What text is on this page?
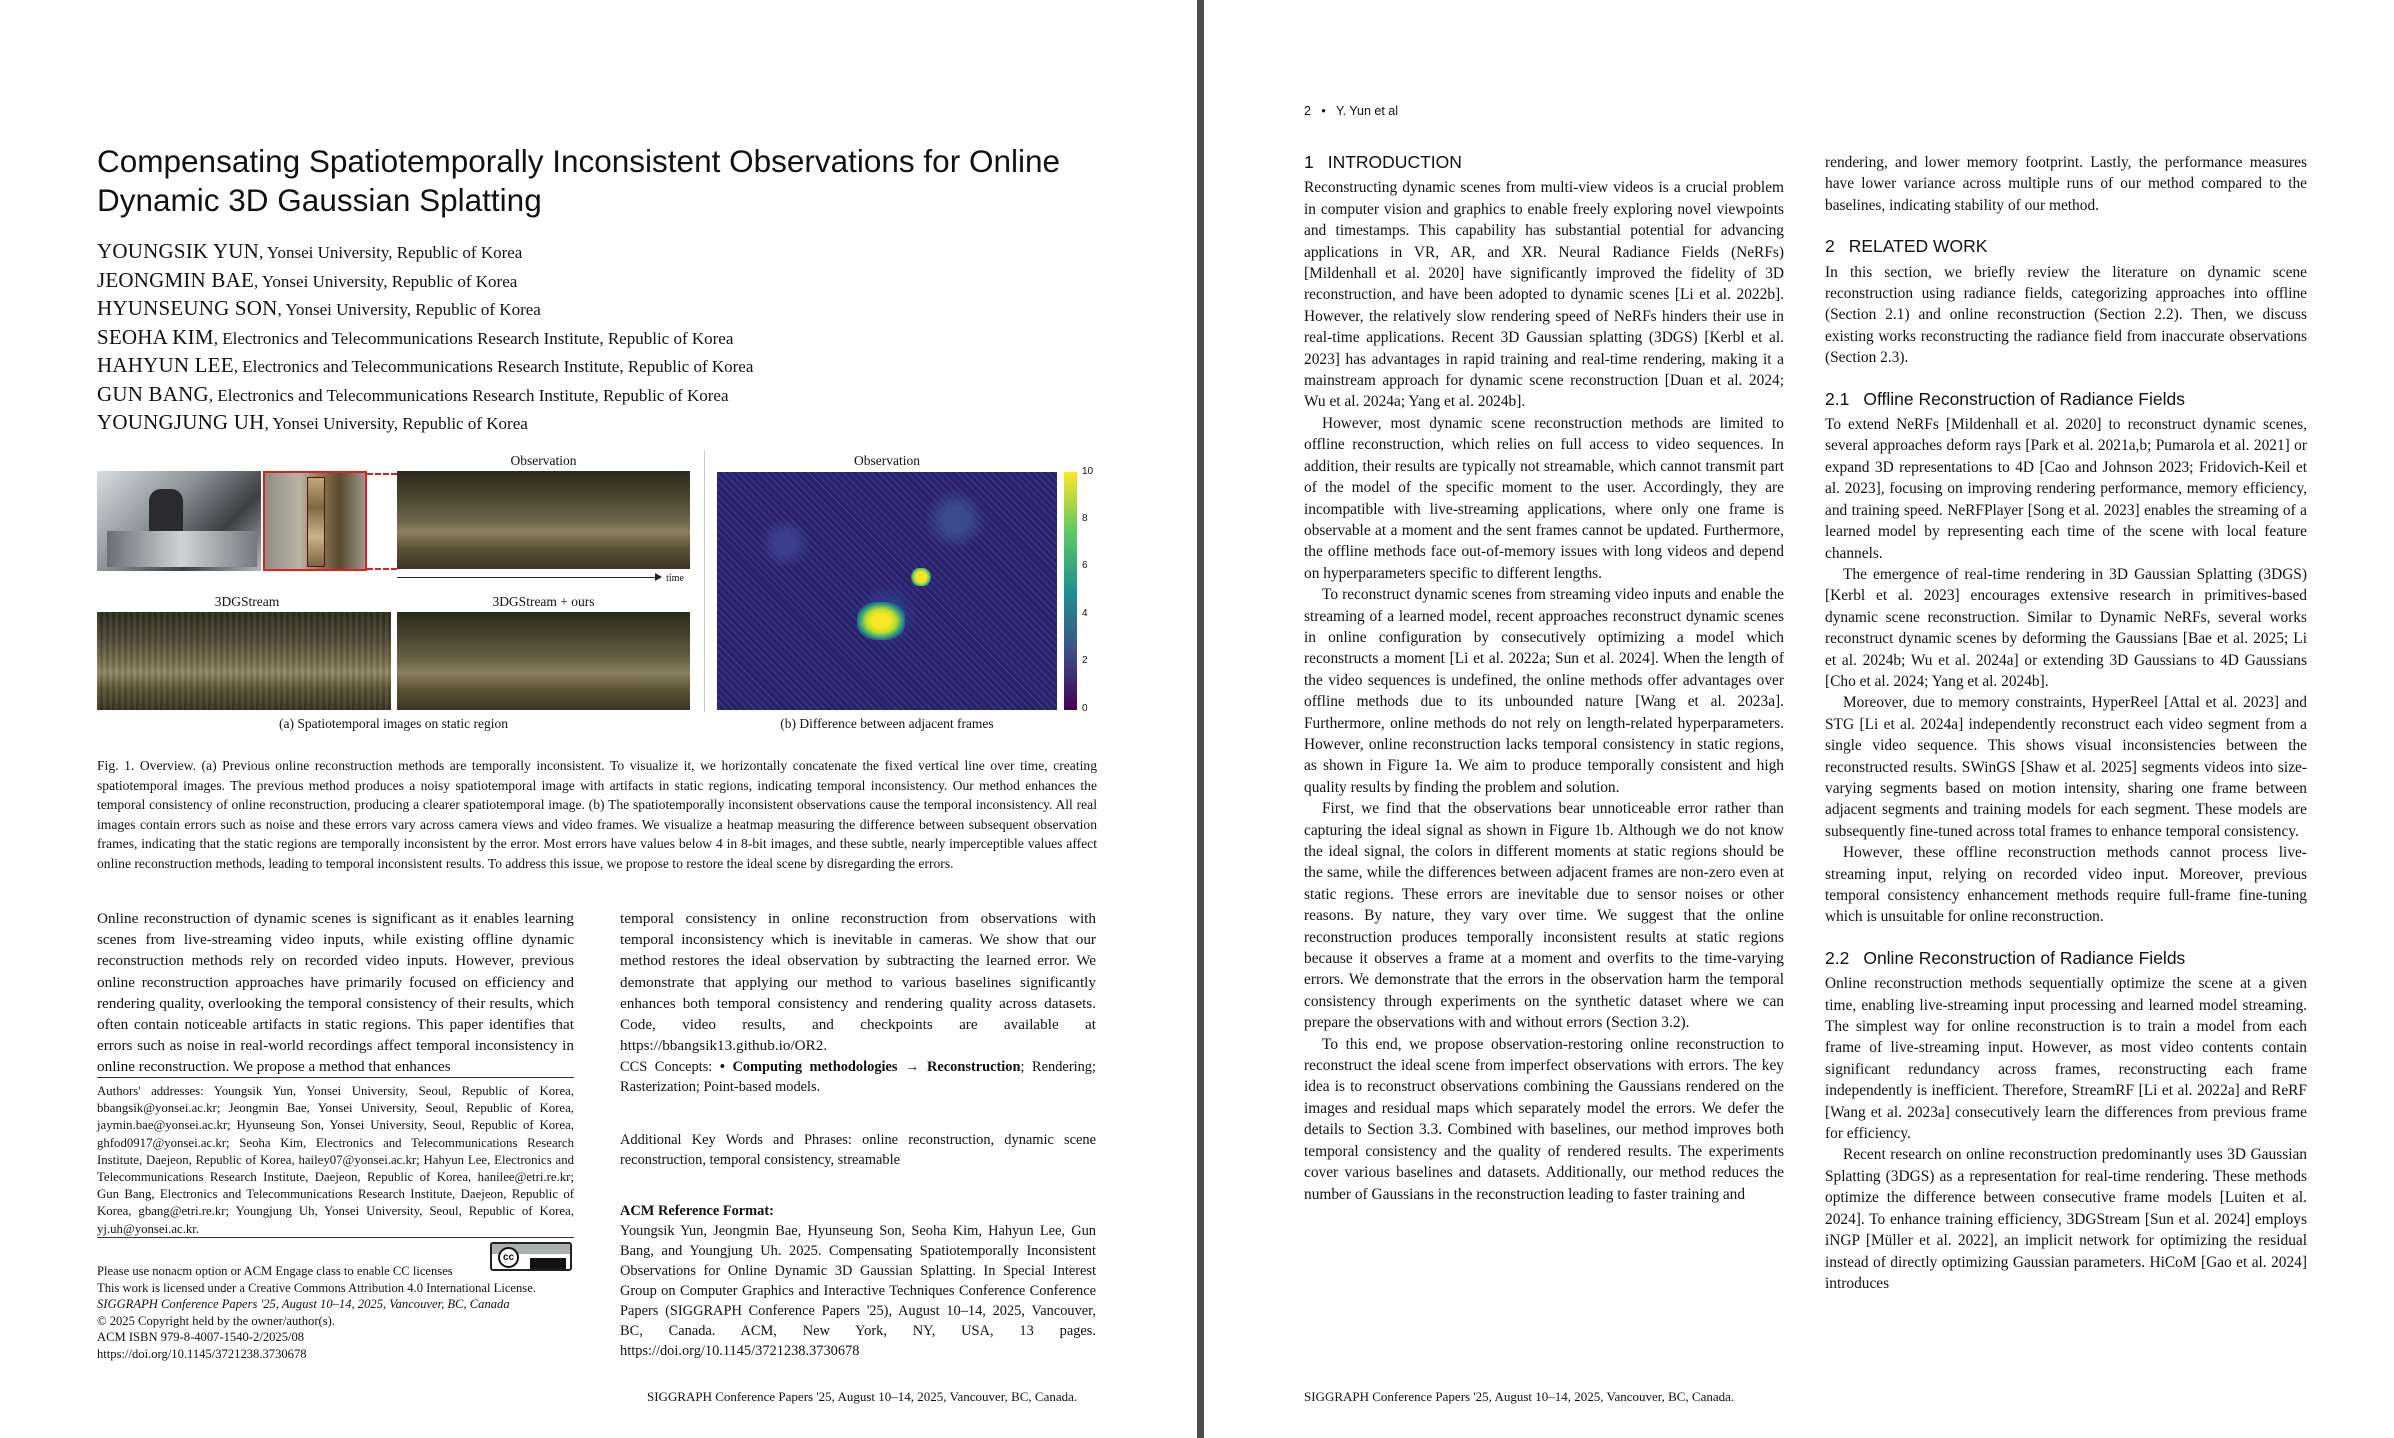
Compensating Spatiotemporally Inconsistent Observations for Online Dynamic 3D Gaussian Splatting
YOUNGSIK YUN, Yonsei University, Republic of Korea
JEONGMIN BAE, Yonsei University, Republic of Korea
HYUNSEUNG SON, Yonsei University, Republic of Korea
SEOHA KIM, Electronics and Telecommunications Research Institute, Republic of Korea
HAHYUN LEE, Electronics and Telecommunications Research Institute, Republic of Korea
GUN BANG, Electronics and Telecommunications Research Institute, Republic of Korea
YOUNGJUNG UH, Yonsei University, Republic of Korea
Observation
time
3DGStream	3DGStream + ours
(a) Spatiotemporal images on static region
Observation
10
8
6
4
2
0
(b) Difference between adjacent frames

Fig. 1. Overview. (a) Previous online reconstruction methods are temporally inconsistent. To visualize it, we horizontally concatenate the fixed vertical line over time, creating spatiotemporal images. The previous method produces a noisy spatiotemporal image with artifacts in static regions, indicating temporal inconsistency. Our method enhances the temporal consistency of online reconstruction, producing a clearer spatiotemporal image. (b) The spatiotemporally inconsistent observations cause the temporal inconsistency. All real images contain errors such as noise and these errors vary across camera views and video frames. We visualize a heatmap measuring the difference between subsequent observation frames, indicating that the static regions are temporally inconsistent by the error. Most errors have values below 4 in 8-bit images, and these subtle, nearly imperceptible values affect online reconstruction methods, leading to temporal inconsistent results. To address this issue, we propose to restore the ideal scene by disregarding the errors.

Online reconstruction of dynamic scenes is significant as it enables learning scenes from live-streaming video inputs, while existing offline dynamic reconstruction methods rely on recorded video inputs. However, previous online reconstruction approaches have primarily focused on efficiency and rendering quality, overlooking the temporal consistency of their results, which often contain noticeable artifacts in static regions. This paper identifies that errors such as noise in real-world recordings affect temporal inconsistency in online reconstruction. We propose a method that enhances

temporal consistency in online reconstruction from observations with temporal inconsistency which is inevitable in cameras. We show that our method restores the ideal observation by subtracting the learned error. We demonstrate that applying our method to various baselines significantly enhances both temporal consistency and rendering quality across datasets. Code, video results, and checkpoints are available at https://bbangsik13.github.io/OR2.

Authors' addresses: Youngsik Yun, Yonsei University, Seoul, Republic of Korea, bbangsik@yonsei.ac.kr; Jeongmin Bae, Yonsei University, Seoul, Republic of Korea, jaymin.bae@yonsei.ac.kr; Hyunseung Son, Yonsei University, Seoul, Republic of Korea, ghfod0917@yonsei.ac.kr; Seoha Kim, Electronics and Telecommunications Research Institute, Daejeon, Republic of Korea, hailey07@yonsei.ac.kr; Hahyun Lee, Electronics and Telecommunications Research Institute, Daejeon, Republic of Korea, hanilee@etri.re.kr; Gun Bang, Electronics and Telecommunications Research Institute, Daejeon, Republic of Korea, gbang@etri.re.kr; Youngjung Uh, Yonsei University, Seoul, Republic of Korea, yj.uh@yonsei.ac.kr.

cc
Please use nonacm option or ACM Engage class to enable CC licenses
This work is licensed under a Creative Commons Attribution 4.0 International License.
SIGGRAPH Conference Papers '25, August 10–14, 2025, Vancouver, BC, Canada
© 2025 Copyright held by the owner/author(s).
ACM ISBN 979-8-4007-1540-2/2025/08
https://doi.org/10.1145/3721238.3730678
CCS Concepts: • Computing methodologies → Reconstruction; Rendering; Rasterization; Point-based models.

Additional Key Words and Phrases: online reconstruction, dynamic scene reconstruction, temporal consistency, streamable

ACM Reference Format:

Youngsik Yun, Jeongmin Bae, Hyunseung Son, Seoha Kim, Hahyun Lee, Gun Bang, and Youngjung Uh. 2025. Compensating Spatiotemporally Inconsistent Observations for Online Dynamic 3D Gaussian Splatting. In Special Interest Group on Computer Graphics and Interactive Techniques Conference Conference Papers (SIGGRAPH Conference Papers '25), August 10–14, 2025, Vancouver, BC, Canada. ACM, New York, NY, USA, 13 pages. https://doi.org/10.1145/3721238.3730678

SIGGRAPH Conference Papers '25, August 10–14, 2025, Vancouver, BC, Canada.
2   •   Y. Yun et al
1 INTRODUCTION

Reconstructing dynamic scenes from multi-view videos is a crucial problem in computer vision and graphics to enable freely exploring novel viewpoints and timestamps. This capability has substantial potential for advancing applications in VR, AR, and XR. Neural Radiance Fields (NeRFs) [Mildenhall et al. 2020] have significantly improved the fidelity of 3D reconstruction, and have been adopted to dynamic scenes [Li et al. 2022b]. However, the relatively slow rendering speed of NeRFs hinders their use in real-time applications. Recent 3D Gaussian splatting (3DGS) [Kerbl et al. 2023] has advantages in rapid training and real-time rendering, making it a mainstream approach for dynamic scene reconstruction [Duan et al. 2024; Wu et al. 2024a; Yang et al. 2024b].

However, most dynamic scene reconstruction methods are limited to offline reconstruction, which relies on full access to video sequences. In addition, their results are typically not streamable, which cannot transmit part of the model of the specific moment to the user. Accordingly, they are incompatible with live-streaming applications, where only one frame is observable at a moment and the sent frames cannot be updated. Furthermore, the offline methods face out-of-memory issues with long videos and depend on hyperparameters specific to different lengths.

To reconstruct dynamic scenes from streaming video inputs and enable the streaming of a learned model, recent approaches reconstruct dynamic scenes in online configuration by consecutively optimizing a model which reconstructs a moment [Li et al. 2022a; Sun et al. 2024]. When the length of the video sequences is undefined, the online methods offer advantages over offline methods due to its unbounded nature [Wang et al. 2023a]. Furthermore, online methods do not rely on length-related hyperparameters. However, online reconstruction lacks temporal consistency in static regions, as shown in Figure 1a. We aim to produce temporally consistent and high quality results by finding the problem and solution.

First, we find that the observations bear unnoticeable error rather than capturing the ideal signal as shown in Figure 1b. Although we do not know the ideal signal, the colors in different moments at static regions should be the same, while the differences between adjacent frames are non-zero even at static regions. These errors are inevitable due to sensor noises or other reasons. By nature, they vary over time. We suggest that the online reconstruction produces temporally inconsistent results at static regions because it observes a frame at a moment and overfits to the time-varying errors. We demonstrate that the errors in the observation harm the temporal consistency through experiments on the synthetic dataset where we can prepare the observations with and without errors (Section 3.2).

To this end, we propose observation-restoring online reconstruction to reconstruct the ideal scene from imperfect observations with errors. The key idea is to reconstruct observations combining the Gaussians rendered on the images and residual maps which separately model the errors. We defer the details to Section 3.3. Combined with baselines, our method improves both temporal consistency and the quality of rendered results. The experiments cover various baselines and datasets. Additionally, our method reduces the number of Gaussians in the reconstruction leading to faster training and

rendering, and lower memory footprint. Lastly, the performance measures have lower variance across multiple runs of our method compared to the baselines, indicating stability of our method.

2 RELATED WORK

In this section, we briefly review the literature on dynamic scene reconstruction using radiance fields, categorizing approaches into offline (Section 2.1) and online reconstruction (Section 2.2). Then, we discuss existing works reconstructing the radiance field from inaccurate observations (Section 2.3).

2.1 Offline Reconstruction of Radiance Fields

To extend NeRFs [Mildenhall et al. 2020] to reconstruct dynamic scenes, several approaches deform rays [Park et al. 2021a,b; Pumarola et al. 2021] or expand 3D representations to 4D [Cao and Johnson 2023; Fridovich-Keil et al. 2023], focusing on improving rendering performance, memory efficiency, and training speed. NeRFPlayer [Song et al. 2023] enables the streaming of a learned model by representing each time of the scene with local feature channels.

The emergence of real-time rendering in 3D Gaussian Splatting (3DGS) [Kerbl et al. 2023] encourages extensive research in primitives-based dynamic scene reconstruction. Similar to Dynamic NeRFs, several works reconstruct dynamic scenes by deforming the Gaussians [Bae et al. 2025; Li et al. 2024b; Wu et al. 2024a] or extending 3D Gaussians to 4D Gaussians [Cho et al. 2024; Yang et al. 2024b].

Moreover, due to memory constraints, HyperReel [Attal et al. 2023] and STG [Li et al. 2024a] independently reconstruct each video segment from a single video sequence. This shows visual inconsistencies between the reconstructed results. SWinGS [Shaw et al. 2025] segments videos into size-varying segments based on motion intensity, sharing one frame between adjacent segments and training models for each segment. These models are subsequently fine-tuned across total frames to enhance temporal consistency.

However, these offline reconstruction methods cannot process live-streaming input, relying on recorded video input. Moreover, previous temporal consistency enhancement methods require full-frame fine-tuning which is unsuitable for online reconstruction.

2.2 Online Reconstruction of Radiance Fields

Online reconstruction methods sequentially optimize the scene at a given time, enabling live-streaming input processing and learned model streaming. The simplest way for online reconstruction is to train a model from each frame of live-streaming input. However, as most video contents contain significant redundancy across frames, reconstructing each frame independently is inefficient. Therefore, StreamRF [Li et al. 2022a] and ReRF [Wang et al. 2023a] consecutively learn the differences from previous frame for efficiency.

Recent research on online reconstruction predominantly uses 3D Gaussian Splatting (3DGS) as a representation for real-time rendering. These methods optimize the difference between consecutive frame models [Luiten et al. 2024]. To enhance training efficiency, 3DGStream [Sun et al. 2024] employs iNGP [Müller et al. 2022], an implicit network for optimizing the residual instead of directly optimizing Gaussian parameters. HiCoM [Gao et al. 2024] introduces

SIGGRAPH Conference Papers '25, August 10–14, 2025, Vancouver, BC, Canada.
